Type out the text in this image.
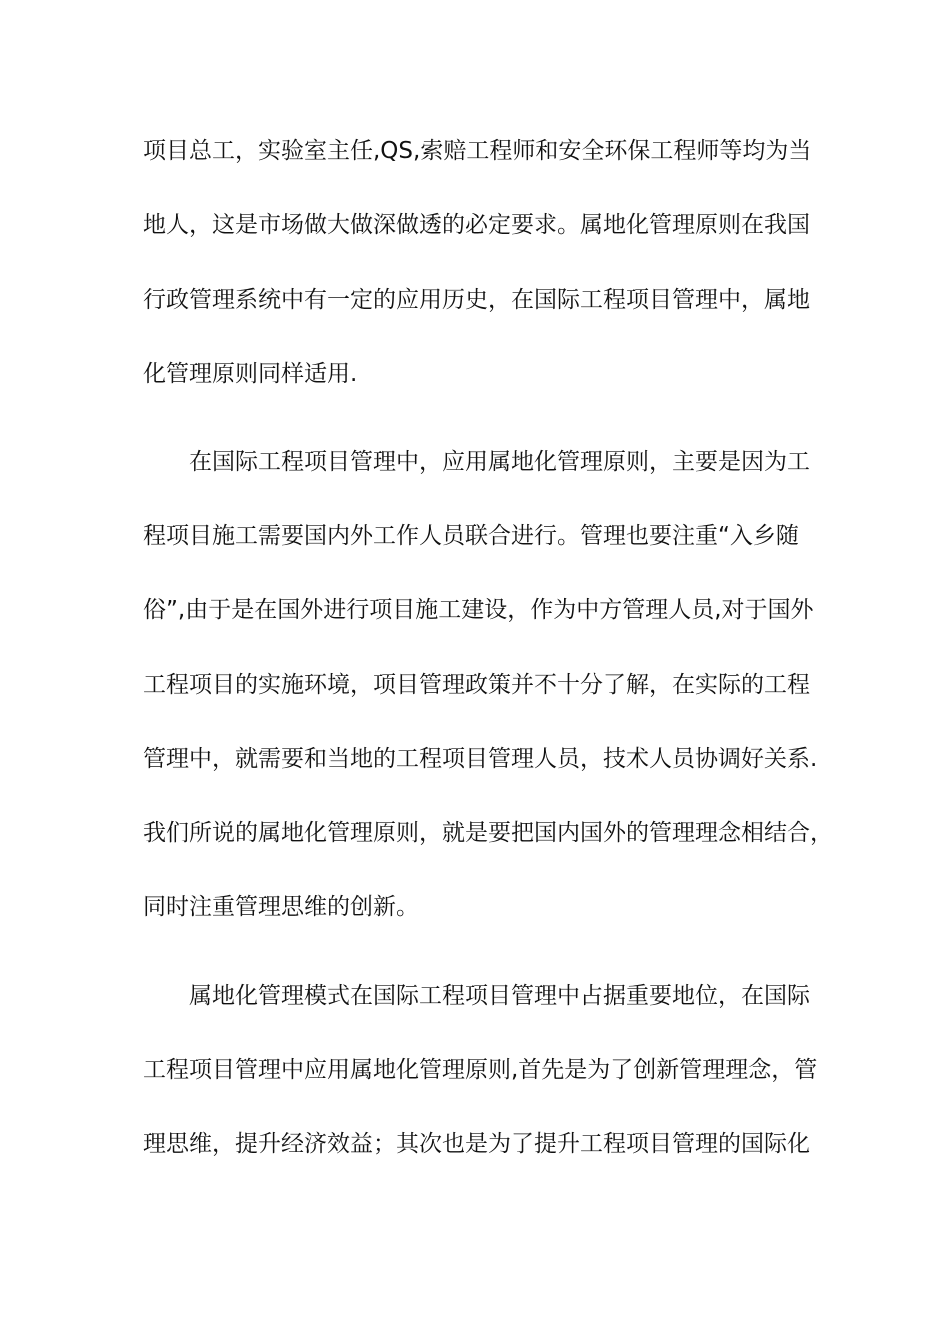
项目总工，实验室主任,QS,索赔工程师和安全环保工程师等均为当
地人，这是市场做大做深做透的必定要求。属地化管理原则在我国
行政管理系统中有一定的应用历史，在国际工程项目管理中，属地
化管理原则同样适用.
在国际工程项目管理中，应用属地化管理原则，主要是因为工
程项目施工需要国内外工作人员联合进行。管理也要注重“入乡随
俗”,由于是在国外进行项目施工建设，作为中方管理人员,对于国外
工程项目的实施环境，项目管理政策并不十分了解，在实际的工程
管理中，就需要和当地的工程项目管理人员，技术人员协调好关系.
我们所说的属地化管理原则，就是要把国内国外的管理理念相结合，
同时注重管理思维的创新。
属地化管理模式在国际工程项目管理中占据重要地位，在国际
工程项目管理中应用属地化管理原则,首先是为了创新管理理念，管
理思维，提升经济效益；其次也是为了提升工程项目管理的国际化
